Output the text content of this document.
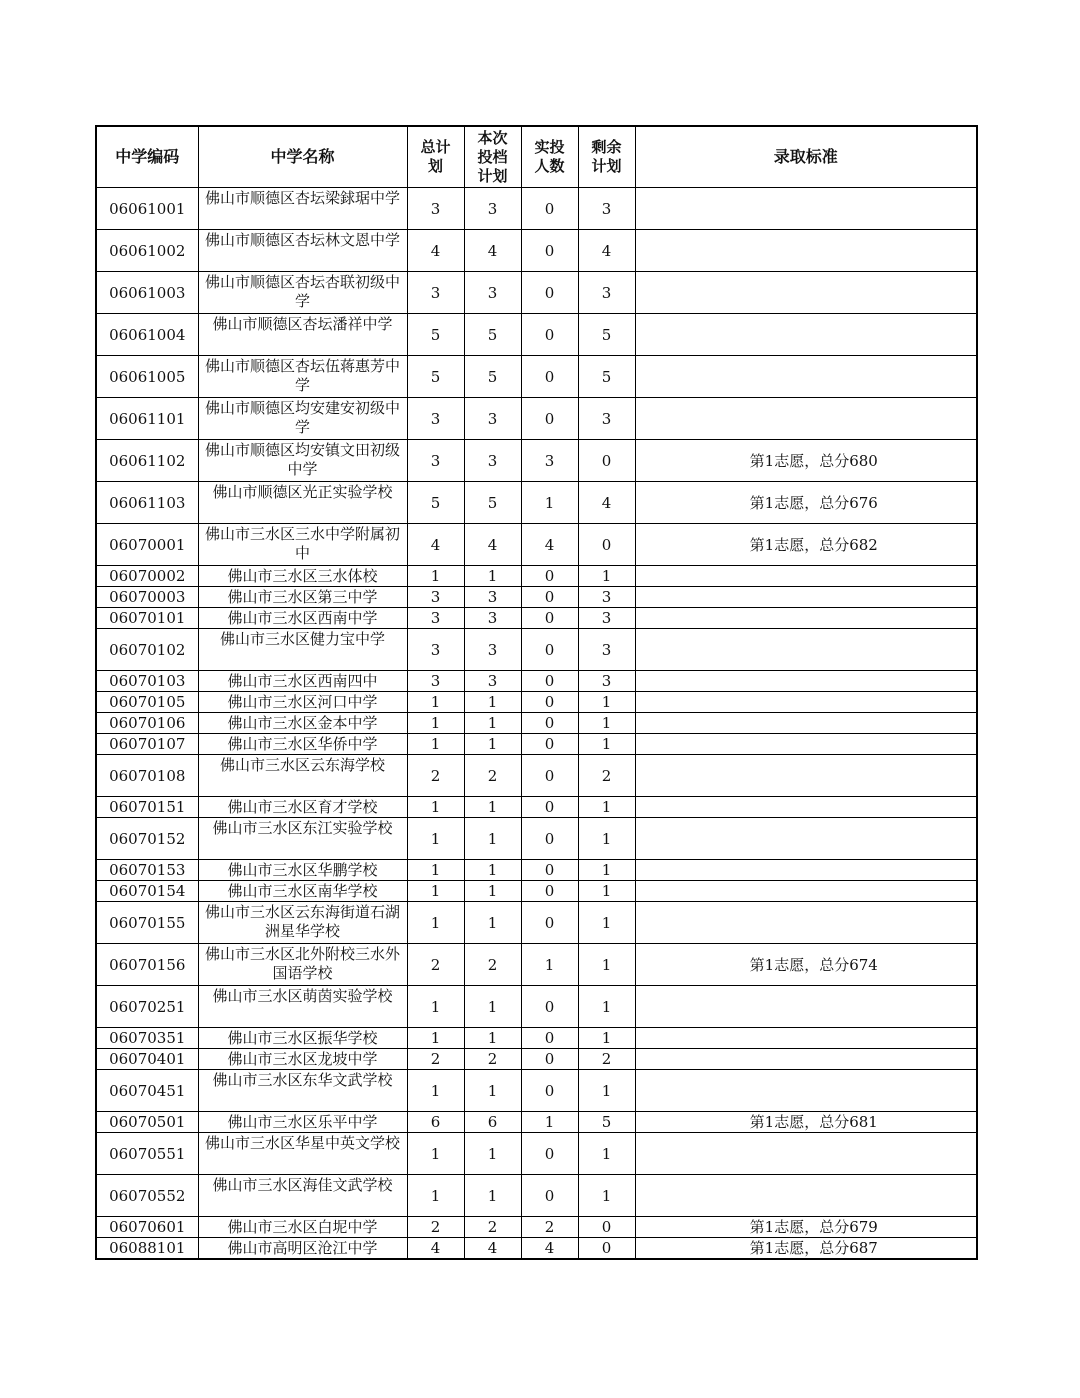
中学编码	中学名称	总计划	本次投档计划	实投人数	剩余计划	录取标准
06061001	佛山市顺德区杏坛梁銶琚中学	3	3	0	3	
06061002	佛山市顺德区杏坛林文恩中学	4	4	0	4	
06061003	佛山市顺德区杏坛杏联初级中学	3	3	0	3	
06061004	佛山市顺德区杏坛潘祥中学	5	5	0	5	
06061005	佛山市顺德区杏坛伍蒋惠芳中学	5	5	0	5	
06061101	佛山市顺德区均安建安初级中学	3	3	0	3	
06061102	佛山市顺德区均安镇文田初级中学	3	3	3	0	第1志愿，总分680
06061103	佛山市顺德区光正实验学校	5	5	1	4	第1志愿，总分676
06070001	佛山市三水区三水中学附属初中	4	4	4	0	第1志愿，总分682
06070002	佛山市三水区三水体校	1	1	0	1	
06070003	佛山市三水区第三中学	3	3	0	3	
06070101	佛山市三水区西南中学	3	3	0	3	
06070102	佛山市三水区健力宝中学	3	3	0	3	
06070103	佛山市三水区西南四中	3	3	0	3	
06070105	佛山市三水区河口中学	1	1	0	1	
06070106	佛山市三水区金本中学	1	1	0	1	
06070107	佛山市三水区华侨中学	1	1	0	1	
06070108	佛山市三水区云东海学校	2	2	0	2	
06070151	佛山市三水区育才学校	1	1	0	1	
06070152	佛山市三水区东江实验学校	1	1	0	1	
06070153	佛山市三水区华鹏学校	1	1	0	1	
06070154	佛山市三水区南华学校	1	1	0	1	
06070155	佛山市三水区云东海街道石湖洲星华学校	1	1	0	1	
06070156	佛山市三水区北外附校三水外国语学校	2	2	1	1	第1志愿，总分674
06070251	佛山市三水区萌茵实验学校	1	1	0	1	
06070351	佛山市三水区振华学校	1	1	0	1	
06070401	佛山市三水区龙坡中学	2	2	0	2	
06070451	佛山市三水区东华文武学校	1	1	0	1	
06070501	佛山市三水区乐平中学	6	6	1	5	第1志愿，总分681
06070551	佛山市三水区华星中英文学校	1	1	0	1	
06070552	佛山市三水区海佳文武学校	1	1	0	1	
06070601	佛山市三水区白坭中学	2	2	2	0	第1志愿，总分679
06088101	佛山市高明区沧江中学	4	4	4	0	第1志愿，总分687
